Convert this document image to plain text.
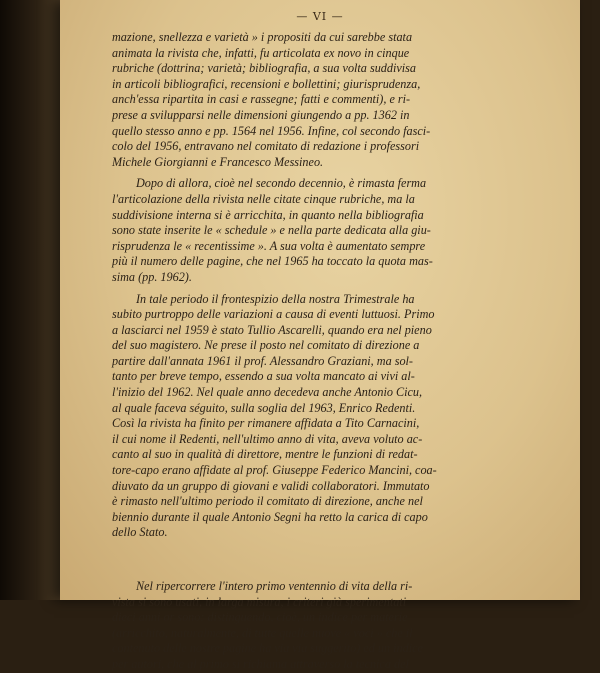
— VI —

mazione, snellezza e varietà » i propositi da cui sarebbe stata

animata la rivista che, infatti, fu articolata ex novo in cinque

rubriche (dottrina; varietà; bibliografia, a sua volta suddivisa

in articoli bibliografici, recensioni e bollettini; giurisprudenza,

anch'essa ripartita in casi e rassegne; fatti e commenti), e ri-

prese a svilupparsi nelle dimensioni giungendo a pp. 1362 in

quello stesso anno e pp. 1564 nel 1956. Infine, col secondo fasci-

colo del 1956, entravano nel comitato di redazione i professori

Michele Giorgianni e Francesco Messineo.

Dopo di allora, cioè nel secondo decennio, è rimasta ferma

l'articolazione della rivista nelle citate cinque rubriche, ma la

suddivisione interna si è arricchita, in quanto nella bibliografia

sono state inserite le « schedule » e nella parte dedicata alla giu-

risprudenza le « recentissime ». A sua volta è aumentato sempre

più il numero delle pagine, che nel 1965 ha toccato la quota mas-

sima (pp. 1962).

In tale periodo il frontespizio della nostra Trimestrale ha

subito purtroppo delle variazioni a causa di eventi luttuosi. Primo

a lasciarci nel 1959 è stato Tullio Ascarelli, quando era nel pieno

del suo magistero. Ne prese il posto nel comitato di direzione a

partire dall'annata 1961 il prof. Alessandro Graziani, ma sol-

tanto per breve tempo, essendo a sua volta mancato ai vivi al-

l'inizio del 1962. Nel quale anno decedeva anche Antonio Cicu,

al quale faceva séguito, sulla soglia del 1963, Enrico Redenti.

Così la rivista ha finito per rimanere affidata a Tito Carnacini,

il cui nome il Redenti, nell'ultimo anno di vita, aveva voluto ac-

canto al suo in qualità di direttore, mentre le funzioni di redat-

tore-capo erano affidate al prof. Giuseppe Federico Mancini, coa-

diuvato da un gruppo di giovani e validi collaboratori. Immutato

è rimasto nell'ultimo periodo il comitato di direzione, anche nel

biennio durante il quale Antonio Segni ha retto la carica di capo

dello Stato.

Nel ripercorrere l'intero primo ventennio di vita della ri-

vista si sono usati, in larga misura, i criteri già sperimentati

dieci anni or sono: distinguendo, cioè, un indice per materie

(arricchito, naturalmente, di tutte quelle nuove « voci » che il

contenuto delle nostre pagine ha via via suggerito) ed un indice

per autori, che al primo si richiama attraverso la tecnica del
